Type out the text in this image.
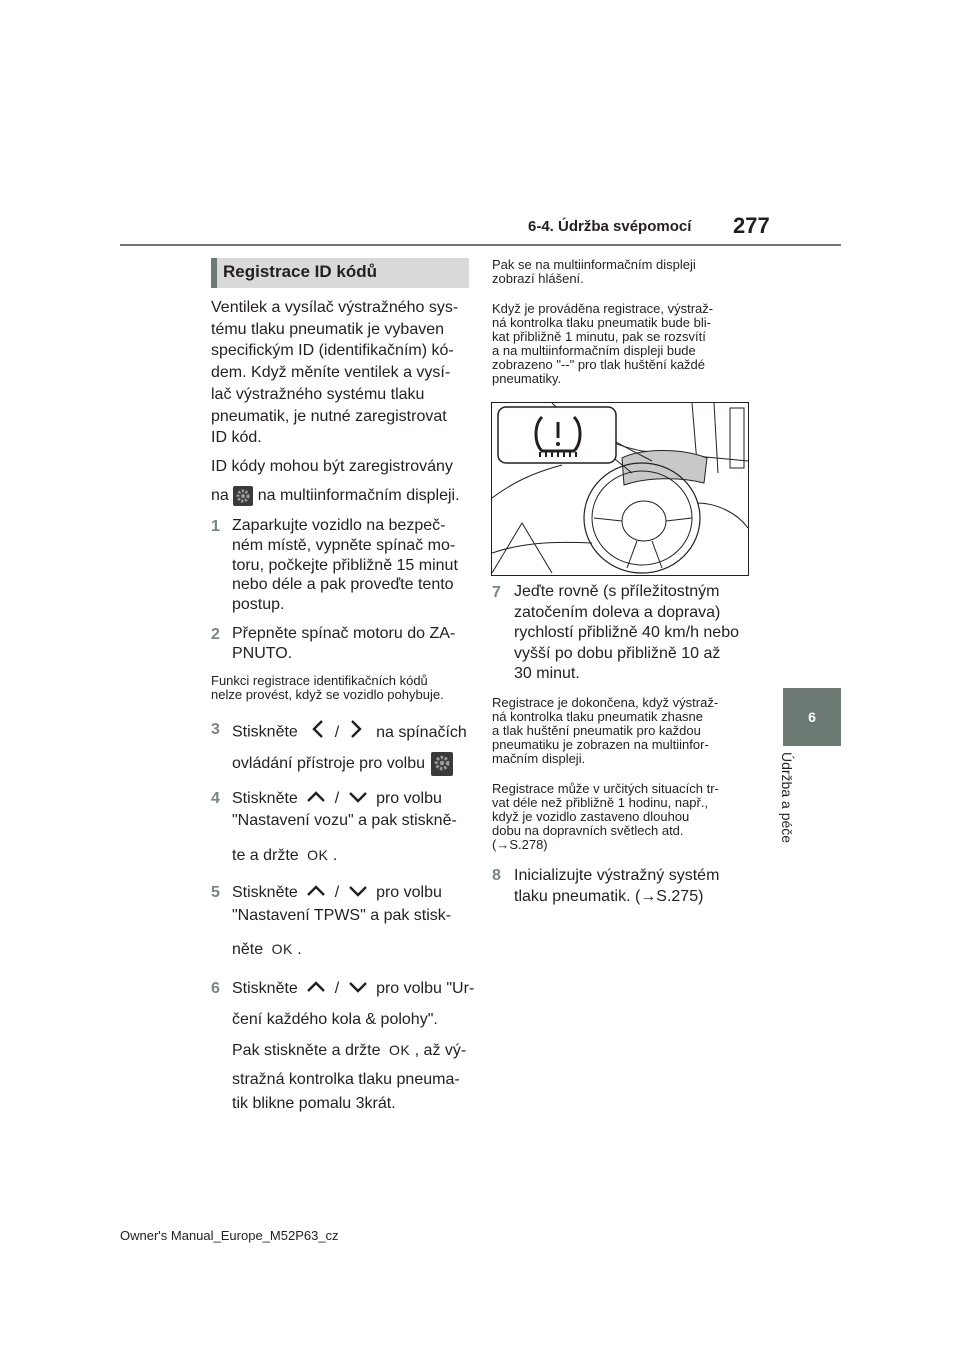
6-4. Údržba svépomocí 277
6
Údržba a péče
Registrace ID kódů
Ventilek a vysílač výstražného sys-
tému tlaku pneumatik je vybaven
specifickým ID (identifikačním) kó-
dem. Když měníte ventilek a vysí-
lač výstražného systému tlaku
pneumatik, je nutné zaregistrovat
ID kód.
ID kódy mohou být zaregistrovány
na na multiinformačním displeji.
1 Zaparkujte vozidlo na bezpeč-
ném místě, vypněte spínač mo-
toru, počkejte přibližně 15 minut
nebo déle a pak proveďte tento
postup.
2 Přepněte spínač motoru do ZA-
PNUTO.
Funkci registrace identifikačních kódů
nelze provést, když se vozidlo pohybuje.
3 Stiskněte / na spínačích
ovládání přístroje pro volbu
4 Stiskněte / pro volbu
"Nastavení vozu" a pak stiskně-
te a držte OK .
5 Stiskněte / pro volbu
"Nastavení TPWS" a pak stisk-
něte OK .
6 Stiskněte / pro volbu "Ur-
čení každého kola & polohy".
Pak stiskněte a držte OK , až vý-
stražná kontrolka tlaku pneuma-
tik blikne pomalu 3krát.
Pak se na multiinformačním displeji
zobrazí hlášení.
Když je prováděna registrace, výstraž-
ná kontrolka tlaku pneumatik bude bli-
kat přibližně 1 minutu, pak se rozsvítí
a na multiinformačním displeji bude
zobrazeno "--" pro tlak huštění každé
pneumatiky.
7 Jeďte rovně (s příležitostným
zatočením doleva a doprava)
rychlostí přibližně 40 km/h nebo
vyšší po dobu přibližně 10 až
30 minut.
Registrace je dokončena, když výstraž-
ná kontrolka tlaku pneumatik zhasne
a tlak huštění pneumatik pro každou
pneumatiku je zobrazen na multiinfor-
mačním displeji.
Registrace může v určitých situacích tr-
vat déle než přibližně 1 hodinu, např.,
když je vozidlo zastaveno dlouhou
dobu na dopravních světlech atd.
(→S.278)
8 Inicializujte výstražný systém
tlaku pneumatik. (→S.275)
Owner's Manual_Europe_M52P63_cz
